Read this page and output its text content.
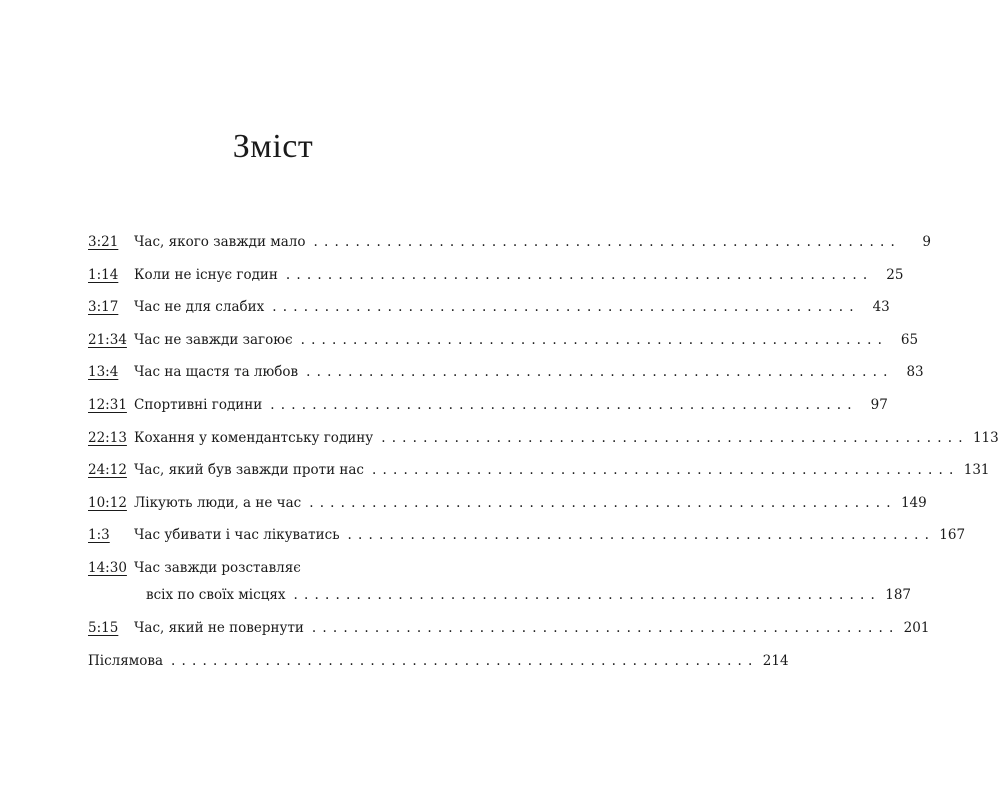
Зміст
3:21 Час, якого завжди мало ........................................................	9
1:14 Коли не існує годин ........................................................ 25
3:17 Час не для слабих ........................................................ 43
21:34 Час не завжди загоює ........................................................ 65
13:4 Час на щастя та любов ........................................................ 83
12:31 Спортивні години ........................................................ 97
22:13 Кохання у комендантську годину ........................................................ 113
24:12 Час, який був завжди проти нас ........................................................ 131
10:12 Лікують люди, а не час ........................................................ 149
1:3 Час убивати і час лікуватись ........................................................ 167
14:30 Час завжди розставляє
всіх по своїх місцях ........................................................ 187
5:15 Час, який не повернути ........................................................ 201
Післямова ........................................................ 214
